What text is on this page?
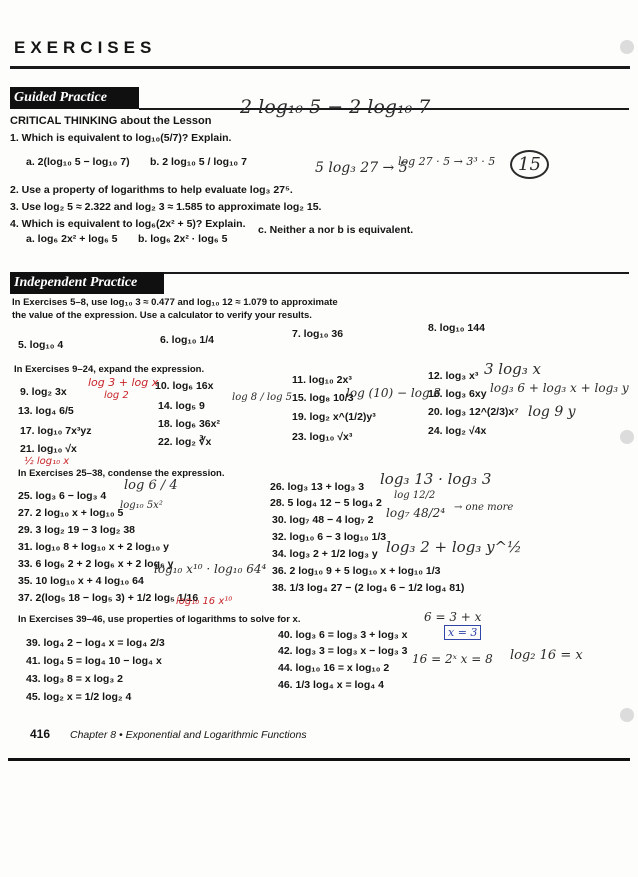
EXERCISES
Guided Practice
CRITICAL THINKING about the Lesson
1. Which is equivalent to log₁₀(5/7)? Explain.
a. 2(log₁₀ 5 − log₁₀ 7) b. 2 log₁₀ 5 / log₁₀ 7
2. Use a property of logarithms to help evaluate log₃ 27⁵.
3. Use log₂ 5 ≈ 2.322 and log₂ 3 ≈ 1.585 to approximate log₂ 15.
4. Which is equivalent to log₆(2x² + 5)? Explain.
a. log₆ 2x² + log₆ 5 b. log₆ 2x² · log₆ 5
c. Neither a nor b is equivalent.
Independent Practice
In Exercises 5–8, use log₁₀ 3 ≈ 0.477 and log₁₀ 12 ≈ 1.079 to approximate
the value of the expression. Use a calculator to verify your results.
5. log₁₀ 4	6. log₁₀ 1/4	7. log₁₀ 36	8. log₁₀ 144
In Exercises 9–24, expand the expression.
9. log₂ 3x	10. log₆ 16x	11. log₁₀ 2x³	12. log₃ x³
13. log₄ 6/5	14. log₅ 9
15. log₈ 10/3	16. log₃ 6xy
17. log₁₀ 7x³yz
18. log₆ 36x²
19. log₂ x^(1/2)y³	20. log₃ 12^(2/3)x⁷
21. log₁₀ √x
22. log₂ ∛x	23. log₁₀ √x³	24. log₂ √4x
In Exercises 25–38, condense the expression.
25. log₃ 6 − log₃ 4
26. log₃ 13 + log₃ 3
27. 2 log₁₀ x + log₁₀ 5
28. 5 log₄ 12 − 5 log₄ 2
29. 3 log₂ 19 − 3 log₂ 38
30. log₇ 48 − 4 log₇ 2
31. log₁₀ 8 + log₁₀ x + 2 log₁₀ y
32. log₁₀ 6 − 3 log₁₀ 1/3
33. 6 log₆ 2 + 2 log₆ x + 2 log₆ y
34. log₃ 2 + 1/2 log₃ y
35. 10 log₁₀ x + 4 log₁₀ 64
36. 2 log₁₀ 9 + 5 log₁₀ x + log₁₀ 1/3
37. 2(log₅ 18 − log₅ 3) + 1/2 log₅ 1/16
38. 1/3 log₄ 27 − (2 log₄ 6 − 1/2 log₄ 81)
In Exercises 39–46, use properties of logarithms to solve for x.
39. log₄ 2 − log₄ x = log₄ 2/3
40. log₃ 6 = log₃ 3 + log₃ x
41. log₄ 5 = log₄ 10 − log₄ x
42. log₃ 3 = log₃ x − log₃ 3
43. log₃ 8 = x log₃ 2
44. log₁₀ 16 = x log₁₀ 2
45. log₂ x = 1/2 log₂ 4
46. 1/3 log₄ x = log₄ 4
2 log₁₀ 5 − 2 log₁₀ 7
5 log₃ 27 → 5
log 27 · 5 → 3³ · 5	15
log 3 + log x
log 2
3 log₃ x
log 8 / log 5	log (10) − log 3	log₃ 6 + log₃ x + log₃ y
log 9 y
½ log₁₀ x
log 6 / 4
log₁₀ 5x²
log₃ 13 · log₃ 3
log 12/2
log₇ 48/2⁴ → one more
log₃ 2 + log₃ y^½
log₁₀ x¹⁰ · log₁₀ 64⁴
log₁₀ 16 x¹⁰
6 = 3 + x
x = 3
16 = 2ˣ x = 8 log₂ 16 = x
416 Chapter 8 • Exponential and Logarithmic Functions
